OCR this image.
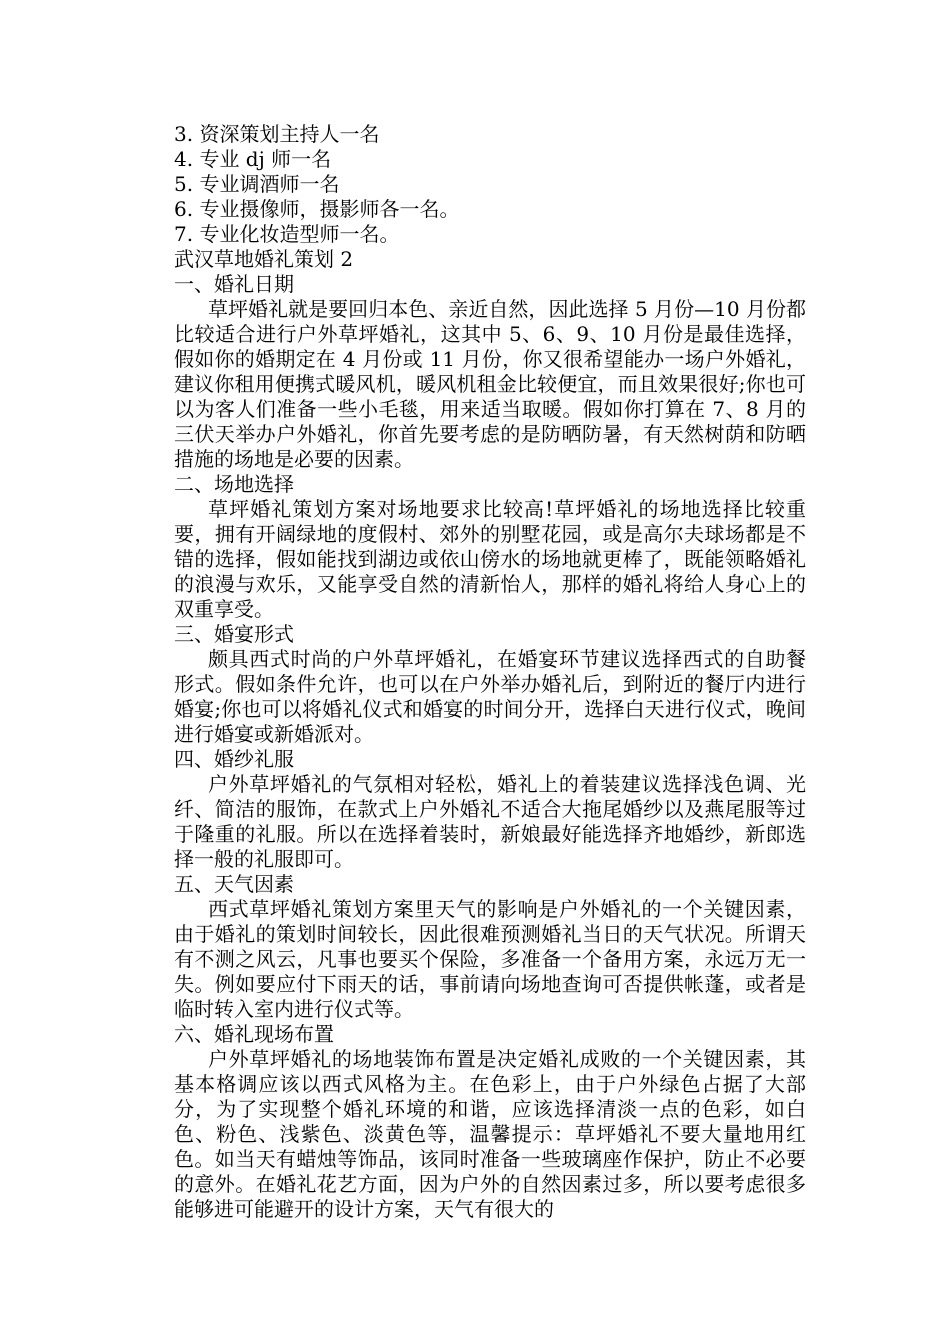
3. 资深策划主持人一名

4. 专业 dj 师一名

5. 专业调酒师一名

6. 专业摄像师，摄影师各一名。

7. 专业化妆造型师一名。

武汉草地婚礼策划 2

一、婚礼日期

草坪婚礼就是要回归本色、亲近自然，因此选择 5 月份—10 月份都比较适合进行户外草坪婚礼，这其中 5、6、9、10 月份是最佳选择，假如你的婚期定在 4 月份或 11 月份，你又很希望能办一场户外婚礼，建议你租用便携式暖风机，暖风机租金比较便宜，而且效果很好;你也可以为客人们准备一些小毛毯，用来适当取暖。假如你打算在 7、8 月的三伏天举办户外婚礼，你首先要考虑的是防晒防暑，有天然树荫和防晒措施的场地是必要的因素。

二、场地选择

草坪婚礼策划方案对场地要求比较高!草坪婚礼的场地选择比较重要，拥有开阔绿地的度假村、郊外的别墅花园，或是高尔夫球场都是不错的选择，假如能找到湖边或依山傍水的场地就更棒了，既能领略婚礼的浪漫与欢乐，又能享受自然的清新怡人，那样的婚礼将给人身心上的双重享受。

三、婚宴形式

颇具西式时尚的户外草坪婚礼，在婚宴环节建议选择西式的自助餐形式。假如条件允许，也可以在户外举办婚礼后，到附近的餐厅内进行婚宴;你也可以将婚礼仪式和婚宴的时间分开，选择白天进行仪式，晚间进行婚宴或新婚派对。

四、婚纱礼服

户外草坪婚礼的气氛相对轻松，婚礼上的着装建议选择浅色调、光纤、简洁的服饰，在款式上户外婚礼不适合大拖尾婚纱以及燕尾服等过于隆重的礼服。所以在选择着装时，新娘最好能选择齐地婚纱，新郎选择一般的礼服即可。

五、天气因素

西式草坪婚礼策划方案里天气的影响是户外婚礼的一个关键因素，由于婚礼的策划时间较长，因此很难预测婚礼当日的天气状况。所谓天有不测之风云，凡事也要买个保险，多准备一个备用方案，永远万无一失。例如要应付下雨天的话，事前请向场地查询可否提供帐蓬，或者是临时转入室内进行仪式等。

六、婚礼现场布置

户外草坪婚礼的场地装饰布置是决定婚礼成败的一个关键因素，其基本格调应该以西式风格为主。在色彩上，由于户外绿色占据了大部分，为了实现整个婚礼环境的和谐，应该选择清淡一点的色彩，如白色、粉色、浅紫色、淡黄色等，温馨提示：草坪婚礼不要大量地用红色。如当天有蜡烛等饰品，该同时准备一些玻璃座作保护，防止不必要的意外。在婚礼花艺方面，因为户外的自然因素过多，所以要考虑很多能够进可能避开的设计方案，天气有很大的
